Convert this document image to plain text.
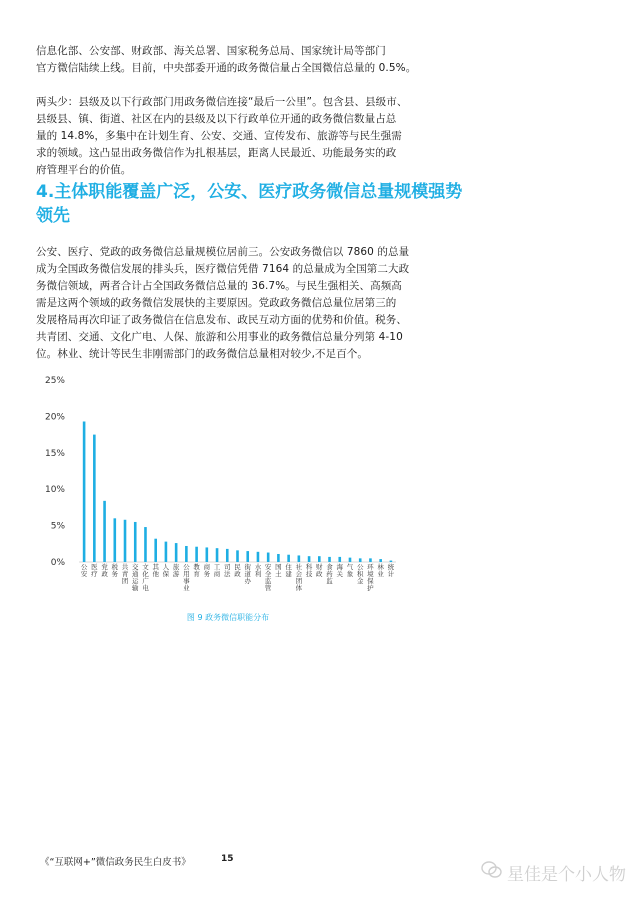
信息化部、公安部、财政部、海关总署、国家税务总局、国家统计局等部门
官方微信陆续上线。目前，中央部委开通的政务微信量占全国微信总量的 0.5%。
两头少：县级及以下行政部门用政务微信连接“最后一公里”。包含县、县级市、
县级县、镇、街道、社区在内的县级及以下行政单位开通的政务微信数量占总
量的 14.8%，多集中在计划生育、公安、交通、宣传发布、旅游等与民生强需
求的领域。这凸显出政务微信作为扎根基层，距离人民最近、功能最务实的政
府管理平台的价值。
4.主体职能覆盖广泛，公安、医疗政务微信总量规模强势
领先
公安、医疗、党政的政务微信总量规模位居前三。公安政务微信以 7860 的总量
成为全国政务微信发展的排头兵，医疗微信凭借 7164 的总量成为全国第二大政
务微信领域，两者合计占全国政务微信总量的 36.7%。与民生强相关、高频高
需是这两个领域的政务微信发展快的主要原因。党政政务微信总量位居第三的
发展格局再次印证了政务微信在信息发布、政民互动方面的优势和价值。税务、
共青团、交通、文化广电、人保、旅游和公用事业的政务微信总量分列第 4-10
位。林业、统计等民生非刚需部门的政务微信总量相对较少,不足百个。
0%
5%
10%
15%
20%
25%
公安
医疗
党政
税务
共青团
交通运输
文化广电
其他
人保
旅游
公用事业
教育
商务
工商
司法
民政
街道办
水利
安全监管
国土
住建
社会团体
科技
财政
食药监
海关
气象
公积金
环境保护
林业
统计
图 9 政务微信职能分布
《“互联网+”微信政务民生白皮书》	15
星佳是个小人物
